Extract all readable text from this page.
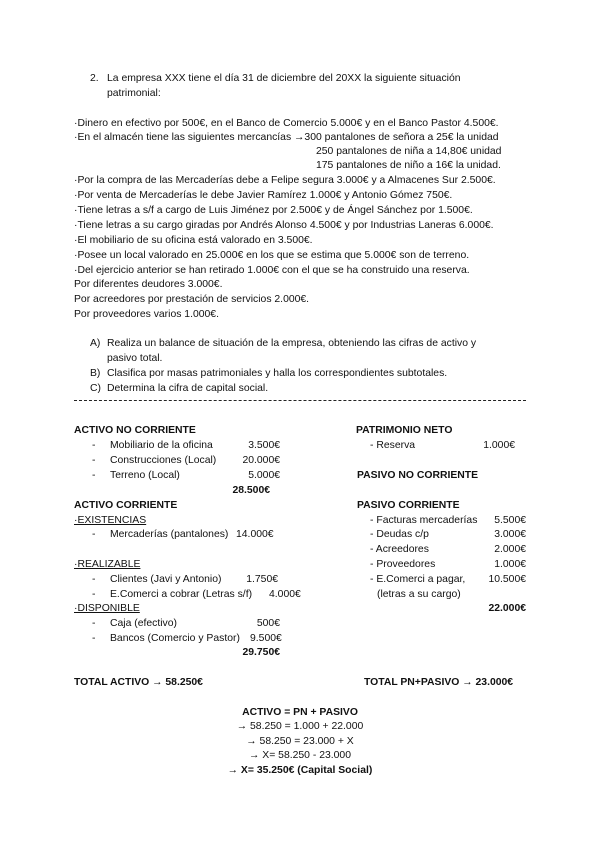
2. La empresa XXX tiene el día 31 de diciembre del 20XX la siguiente situación
patrimonial:
·Dinero en efectivo por 500€, en el Banco de Comercio 5.000€ y en el Banco Pastor 4.500€.
·En el almacén tiene las siguientes mercancías →300 pantalones de señora a 25€ la unidad
250 pantalones de niña a 14,80€ unidad
175 pantalones de niño a 16€ la unidad.
·Por la compra de las Mercaderías debe a Felipe segura 3.000€ y a Almacenes Sur 2.500€.
·Por venta de Mercaderías le debe Javier Ramírez 1.000€ y Antonio Gómez 750€.
·Tiene letras a s/f a cargo de Luis Jiménez por 2.500€ y de Ángel Sánchez por 1.500€.
·Tiene letras a su cargo giradas por Andrés Alonso 4.500€ y por Industrias Laneras 6.000€.
·El mobiliario de su oficina está valorado en 3.500€.
·Posee un local valorado en 25.000€ en los que se estima que 5.000€ son de terreno.
·Del ejercicio anterior se han retirado 1.000€ con el que se ha construido una reserva.
Por diferentes deudores 3.000€.
Por acreedores por prestación de servicios 2.000€.
Por proveedores varios 1.000€.
A) Realiza un balance de situación de la empresa, obteniendo las cifras de activo y
pasivo total.
B) Clasifica por masas patrimoniales y halla los correspondientes subtotales.
C) Determina la cifra de capital social.
ACTIVO NO CORRIENTE
- Mobiliario de la oficina	3.500€
- Construcciones (Local)	20.000€
- Terreno (Local)	5.000€
28.500€
ACTIVO CORRIENTE
·EXISTENCIAS
- Mercaderías (pantalones) 14.000€
·REALIZABLE
- Clientes (Javi y Antonio)	1.750€
- E.Comerci a cobrar (Letras s/f) 4.000€
·DISPONIBLE
- Caja (efectivo)	500€
- Bancos (Comercio y Pastor) 9.500€
29.750€
TOTAL ACTIVO → 58.250€
PATRIMONIO NETO
- Reserva	1.000€
PASIVO NO CORRIENTE
PASIVO CORRIENTE
- Facturas mercaderías	5.500€
- Deudas c/p	3.000€
- Acreedores	2.000€
- Proveedores	1.000€
- E.Comerci a pagar,	10.500€
(letras a su cargo)
22.000€
TOTAL PN+PASIVO → 23.000€
ACTIVO = PN + PASIVO
→ 58.250 = 1.000 + 22.000
→ 58.250 = 23.000 + X
→ X= 58.250 - 23.000
→ X= 35.250€ (Capital Social)
